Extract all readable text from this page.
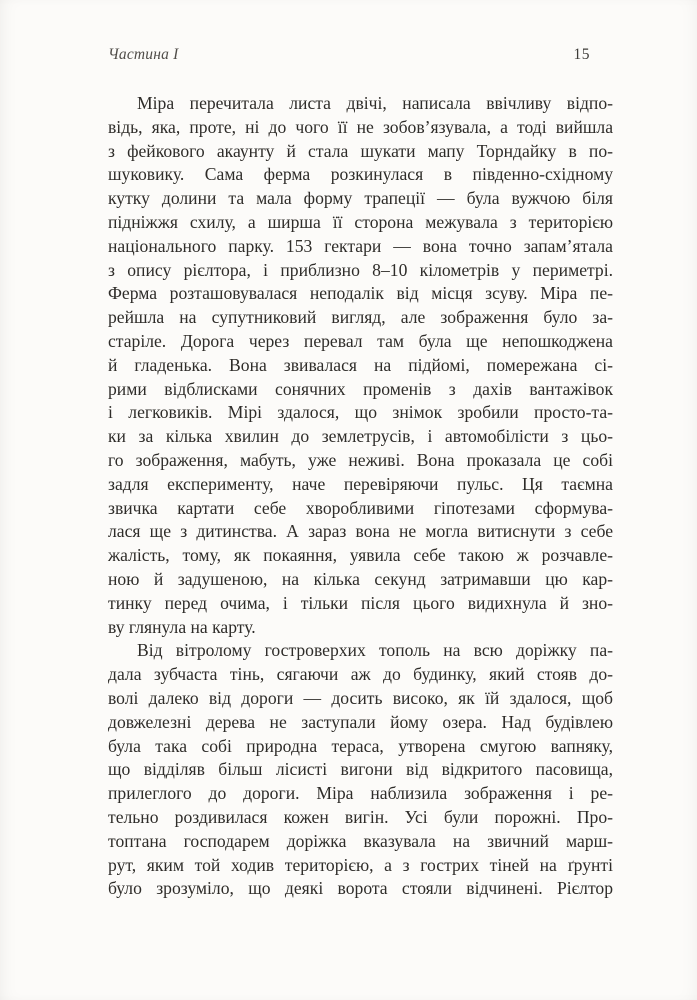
Частина I	15
Міра перечитала листа двічі, написала ввічливу відпо-
відь, яка, проте, ні до чого її не зобов’язувала, а тоді вийшла
з фейкового акаунту й стала шукати мапу Торндайку в по-
шуковику. Сама ферма розкинулася в південно-східному
кутку долини та мала форму трапеції — була вужчою біля
підніжжя схилу, а ширша її сторона межувала з територією
національного парку. 153 гектари — вона точно запам’ятала
з опису рієлтора, і приблизно 8–10 кілометрів у периметрі.
Ферма розташовувалася неподалік від місця зсуву. Міра пе-
рейшла на супутниковий вигляд, але зображення було за-
старіле. Дорога через перевал там була ще непошкоджена
й гладенька. Вона звивалася на підйомі, помережана сі-
рими відблисками сонячних променів з дахів вантажівок
і легковиків. Мірі здалося, що знімок зробили просто-та-
ки за кілька хвилин до землетрусів, і автомобілісти з цьо-
го зображення, мабуть, уже неживі. Вона проказала це собі
задля експерименту, наче перевіряючи пульс. Ця таємна
звичка картати себе хворобливими гіпотезами сформува-
лася ще з дитинства. А зараз вона не могла витиснути з себе
жалість, тому, як покаяння, уявила себе такою ж розчавле-
ною й задушеною, на кілька секунд затримавши цю кар-
тинку перед очима, і тільки після цього видихнула й зно-
ву глянула на карту.
Від вітролому гостроверхих тополь на всю доріжку па-
дала зубчаста тінь, сягаючи аж до будинку, який стояв до-
волі далеко від дороги — досить високо, як їй здалося, щоб
довжелезні дерева не заступали йому озера. Над будівлею
була така собі природна тераса, утворена смугою вапняку,
що відділяв більш лісисті вигони від відкритого пасовища,
прилеглого до дороги. Міра наблизила зображення і ре-
тельно роздивилася кожен вигін. Усі були порожні. Про-
топтана господарем доріжка вказувала на звичний марш-
рут, яким той ходив територією, а з гострих тіней на ґрунті
було зрозуміло, що деякі ворота стояли відчинені. Рієлтор
